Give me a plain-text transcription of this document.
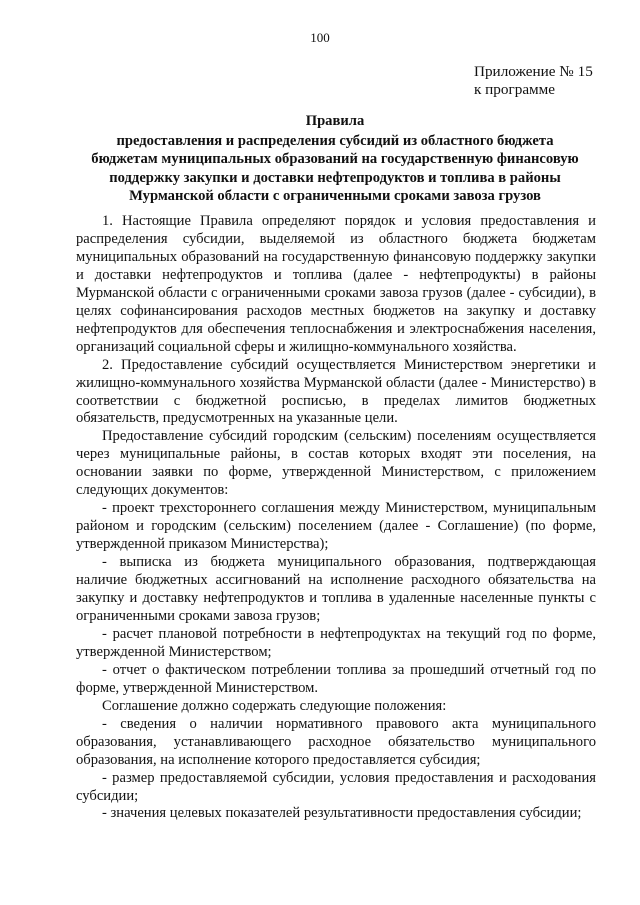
100
Приложение № 15
к программе
Правила
предоставления и распределения субсидий из областного бюджета
бюджетам муниципальных образований на государственную финансовую
поддержку закупки и доставки нефтепродуктов и топлива в районы
Мурманской области с ограниченными сроками завоза грузов

1. Настоящие Правила определяют порядок и условия предоставления и распределения субсидии, выделяемой из областного бюджета бюджетам муниципальных образований на государственную финансовую поддержку закупки и доставки нефтепродуктов и топлива (далее - нефтепродукты) в районы Мурманской области с ограниченными сроками завоза грузов (далее - субсидии), в целях софинансирования расходов местных бюджетов на закупку и доставку нефтепродуктов для обеспечения теплоснабжения и электроснабжения населения, организаций социальной сферы и жилищно-коммунального хозяйства.

2. Предоставление субсидий осуществляется Министерством энергетики и жилищно-коммунального хозяйства Мурманской области (далее - Министерство) в соответствии с бюджетной росписью, в пределах лимитов бюджетных обязательств, предусмотренных на указанные цели.

Предоставление субсидий городским (сельским) поселениям осуществляется через муниципальные районы, в состав которых входят эти поселения, на основании заявки по форме, утвержденной Министерством, с приложением следующих документов:

- проект трехстороннего соглашения между Министерством, муниципальным районом и городским (сельским) поселением (далее - Соглашение) (по форме, утвержденной приказом Министерства);

- выписка из бюджета муниципального образования, подтверждающая наличие бюджетных ассигнований на исполнение расходного обязательства на закупку и доставку нефтепродуктов и топлива в удаленные населенные пункты с ограниченными сроками завоза грузов;

- расчет плановой потребности в нефтепродуктах на текущий год по форме, утвержденной Министерством;

- отчет о фактическом потреблении топлива за прошедший отчетный год по форме, утвержденной Министерством.

Соглашение должно содержать следующие положения:

- сведения о наличии нормативного правового акта муниципального образования, устанавливающего расходное обязательство муниципального образования, на исполнение которого предоставляется субсидия;

- размер предоставляемой субсидии, условия предоставления и расходования субсидии;

- значения целевых показателей результативности предоставления субсидии;
